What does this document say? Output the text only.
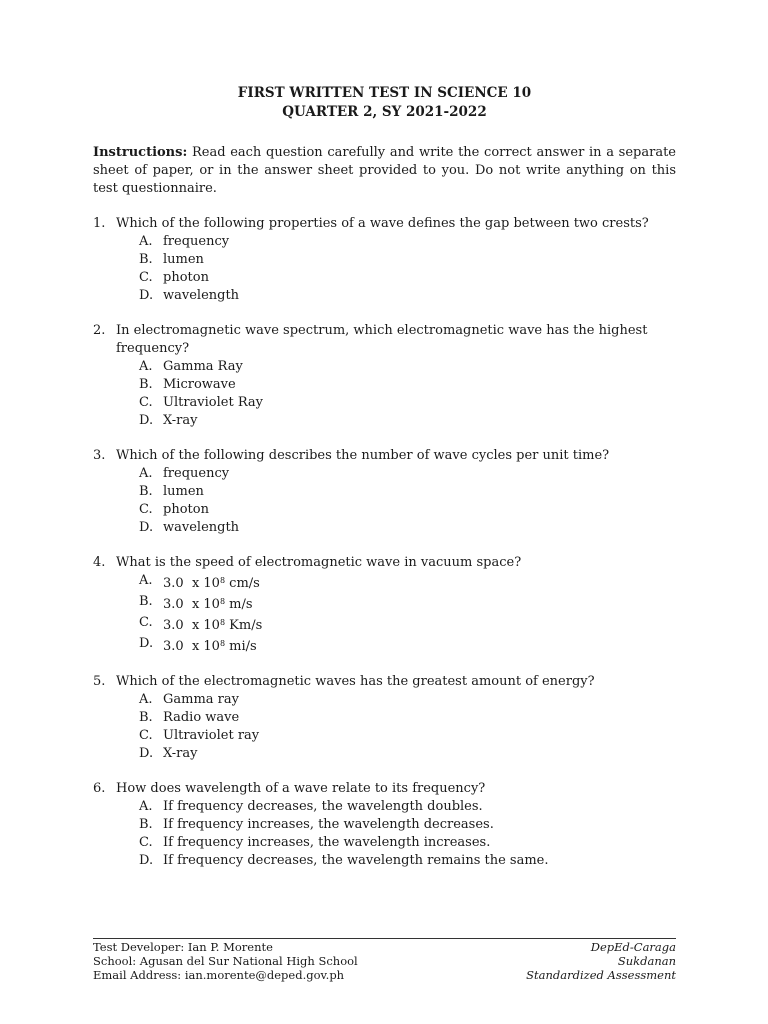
FIRST WRITTEN TEST IN SCIENCE 10
QUARTER 2, SY 2021-2022
Instructions: Read each question carefully and write the correct answer in a separate sheet of paper, or in the answer sheet provided to you. Do not write anything on this test questionnaire.
1. Which of the following properties of a wave defines the gap between two crests?
A. frequency
B. lumen
C. photon
D. wavelength
2. In electromagnetic wave spectrum, which electromagnetic wave has the highest frequency?
A. Gamma Ray
B. Microwave
C. Ultraviolet Ray
D. X-ray
3. Which of the following describes the number of wave cycles per unit time?
A. frequency
B. lumen
C. photon
D. wavelength
4. What is the speed of electromagnetic wave in vacuum space?
A. 3.0  x $10^8$ cm/s
B. 3.0  x $10^8$ m/s
C. 3.0  x $10^8$ Km/s
D. 3.0  x $10^8$ mi/s
5. Which of the electromagnetic waves has the greatest amount of energy?
A. Gamma ray
B. Radio wave
C. Ultraviolet ray
D. X-ray
6. How does wavelength of a wave relate to its frequency?
A. If frequency decreases, the wavelength doubles.
B. If frequency increases, the wavelength decreases.
C. If frequency increases, the wavelength increases.
D. If frequency decreases, the wavelength remains the same.
Test Developer: Ian P. Morente
School: Agusan del Sur National High School
Email Address: ian.morente@deped.gov.ph
DepEd-Caraga
Sukdanan
Standardized Assessment
